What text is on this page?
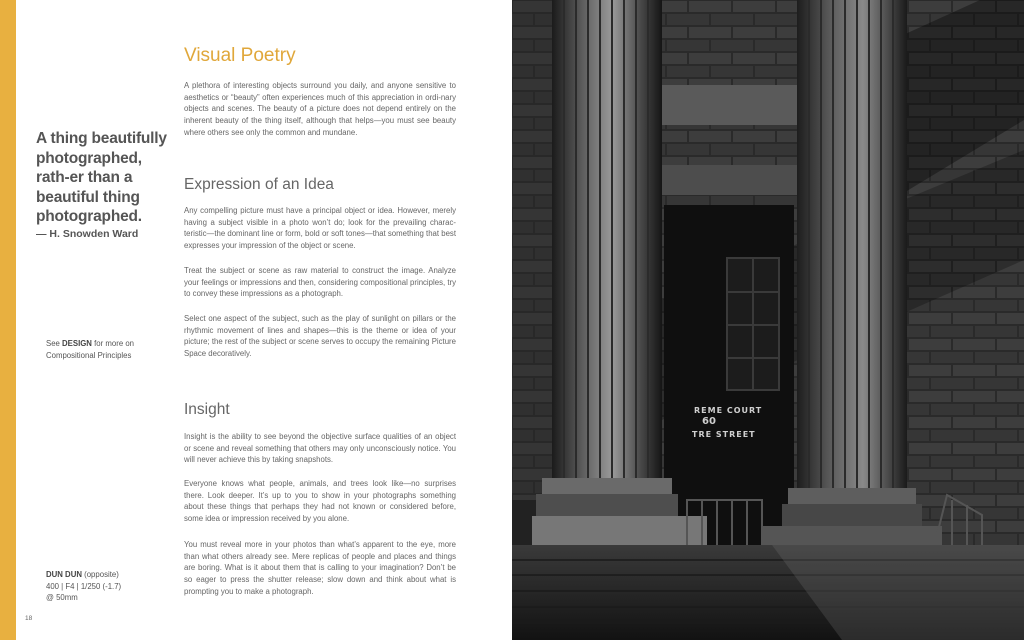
A thing beautifully photographed, rath-er than a beautiful thing photographed.
— H. Snowden Ward
See DESIGN for more on Compositional Principles
DUN DUN (opposite)
400 | F4 | 1/250 (-1.7)
@ 50mm
18
Visual Poetry

A plethora of interesting objects surround you daily, and anyone sensitive to aesthetics or “beauty” often experiences much of this appreciation in ordi-nary objects and scenes. The beauty of a picture does not depend entirely on the inherent beauty of the thing itself, although that helps—you must see beauty where others see only the common and mundane.

Expression of an Idea

Any compelling picture must have a principal object or idea. However, merely having a subject visible in a photo won’t do; look for the prevailing charac-teristic—the dominant line or form, bold or soft tones—that something that best expresses your impression of the object or scene.

Treat the subject or scene as raw material to construct the image. Analyze your feelings or impressions and then, considering compositional principles, try to convey these impressions as a photograph.

Select one aspect of the subject, such as the play of sunlight on pillars or the rhythmic movement of lines and shapes—this is the theme or idea of your picture; the rest of the subject or scene serves to occupy the remaining Picture Space decoratively.

Insight

Insight is the ability to see beyond the objective surface qualities of an object or scene and reveal something that others may only unconsciously notice. You will never achieve this by taking snapshots.

Everyone knows what people, animals, and trees look like—no surprises there. Look deeper. It’s up to you to show in your photographs something about these things that perhaps they had not known or considered before, some idea or impression received by you alone.

You must reveal more in your photos than what’s apparent to the eye, more than what others already see. Mere replicas of people and places and things are boring. What is it about them that is calling to your imagination? Don’t be so eager to press the shutter release; slow down and think about what is prompting you to make a photograph.

REME COURT
60
TRE STREET
